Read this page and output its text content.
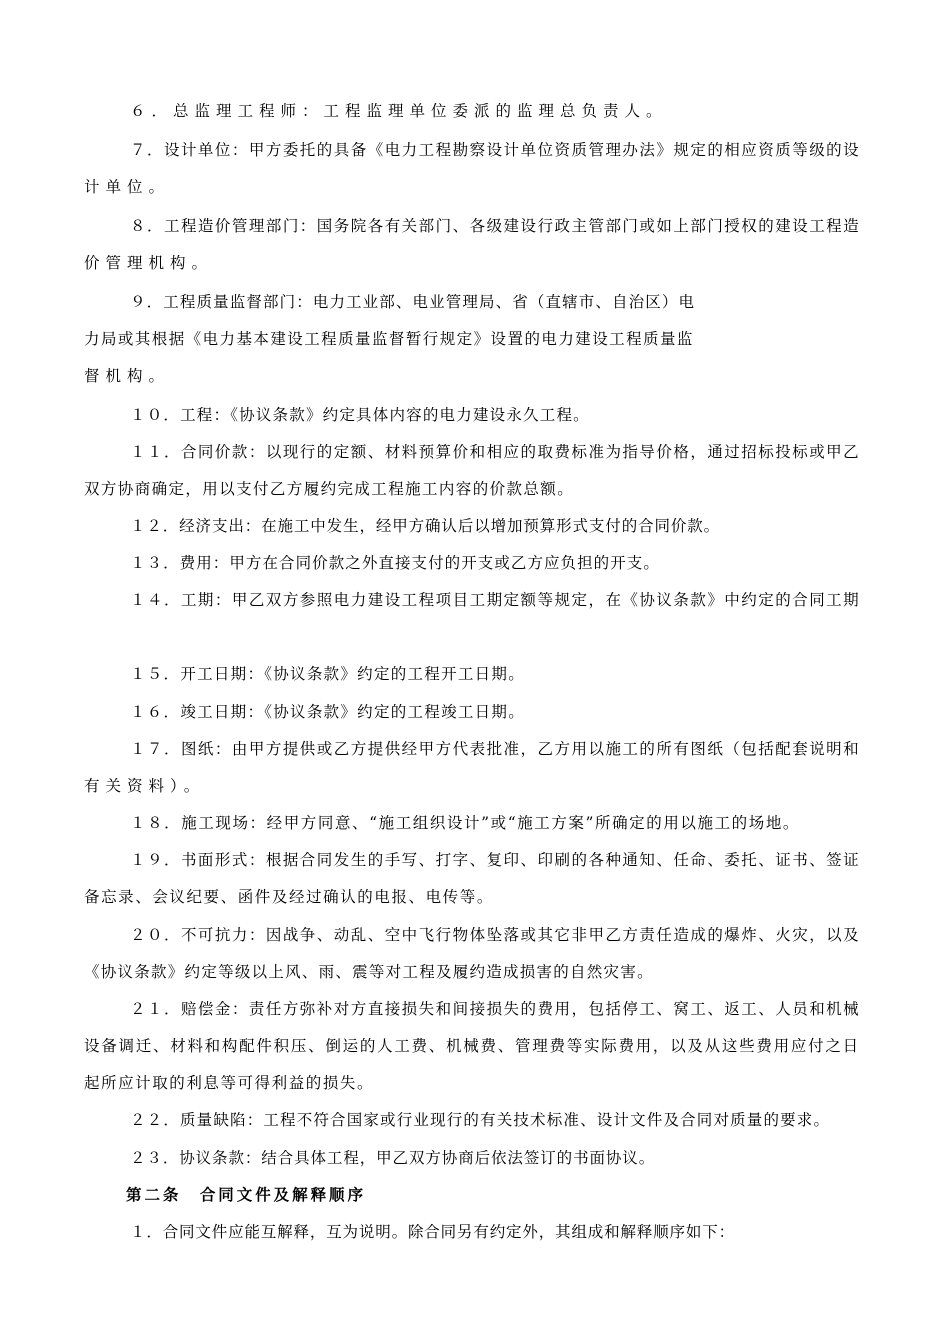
６．总监理工程师：工程监理单位委派的监理总负责人。
７．设计单位：甲方委托的具备《电力工程勘察设计单位资质管理办法》规定的相应资质等级的设
计单位。
８．工程造价管理部门：国务院各有关部门、各级建设行政主管部门或如上部门授权的建设工程造
价管理机构。
９．工程质量监督部门：电力工业部、电业管理局、省（直辖市、自治区）电
力局或其根据《电力基本建设工程质量监督暂行规定》设置的电力建设工程质量监
督机构。
１０．工程：《协议条款》约定具体内容的电力建设永久工程。
１１．合同价款：以现行的定额、材料预算价和相应的取费标准为指导价格，通过招标投标或甲乙
双方协商确定，用以支付乙方履约完成工程施工内容的价款总额。
１２．经济支出：在施工中发生，经甲方确认后以增加预算形式支付的合同价款。
１３．费用：甲方在合同价款之外直接支付的开支或乙方应负担的开支。
１４．工期：甲乙双方参照电力建设工程项目工期定额等规定，在《协议条款》中约定的合同工期
１５．开工日期：《协议条款》约定的工程开工日期。
１６．竣工日期：《协议条款》约定的工程竣工日期。
１７．图纸：由甲方提供或乙方提供经甲方代表批准，乙方用以施工的所有图纸（包括配套说明和
有关资料）。
１８．施工现场：经甲方同意、“施工组织设计”或“施工方案”所确定的用以施工的场地。
１９．书面形式：根据合同发生的手写、打字、复印、印刷的各种通知、任命、委托、证书、签证
备忘录、会议纪要、函件及经过确认的电报、电传等。
２０．不可抗力：因战争、动乱、空中飞行物体坠落或其它非甲乙方责任造成的爆炸、火灾，以及
《协议条款》约定等级以上风、雨、震等对工程及履约造成损害的自然灾害。
２１．赔偿金：责任方弥补对方直接损失和间接损失的费用，包括停工、窝工、返工、人员和机械
设备调迁、材料和构配件积压、倒运的人工费、机械费、管理费等实际费用，以及从这些费用应付之日
起所应计取的利息等可得利益的损失。
２２．质量缺陷：工程不符合国家或行业现行的有关技术标准、设计文件及合同对质量的要求。
２３．协议条款：结合具体工程，甲乙双方协商后依法签订的书面协议。
第二条　合同文件及解释顺序
１．合同文件应能互解释，互为说明。除合同另有约定外，其组成和解释顺序如下：
